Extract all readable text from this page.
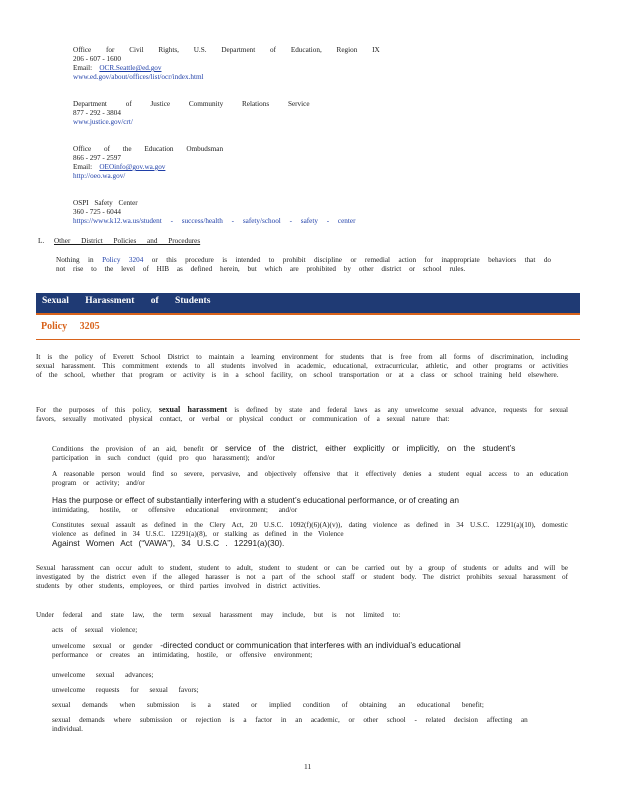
Office for Civil Rights, U.S. Department of Education, Region IX
206 - 607 - 1600
Email: OCR.Seattle@ed.gov
www.ed.gov/about/offices/list/ocr/index.html
Department of Justice Community Relations Service
877 - 292 - 3804
www.justice.gov/crt/
Office of the Education Ombudsman
866 - 297 - 2597
Email: OEOinfo@gov.wa.gov
http://oeo.wa.gov/
OSPI Safety Center
360 - 725 - 6044
https://www.k12.wa.us/student - success/health - safety/school - safety - center
L. Other District Policies and Procedures
Nothing in Policy 3204 or this procedure is intended to prohibit discipline or remedial action for inappropriate behaviors that do not rise to the level of HIB as defined herein, but which are prohibited by other district or school rules.
Sexual Harassment of Students
Policy 3205
It is the policy of Everett School District to maintain a learning environment for students that is free from all forms of discrimination, including sexual harassment. This commitment extends to all students involved in academic, educational, extracurricular, athletic, and other programs or activities of the school, whether that program or activity is in a school facility, on school transportation or at a class or school training held elsewhere.
For the purposes of this policy, sexual harassment is defined by state and federal laws as any unwelcome sexual advance, requests for sexual favors, sexually motivated physical contact, or verbal or physical conduct or communication of a sexual nature that:
Conditions the provision of an aid, benefit or service of the district, either explicitly or implicitly, on the student’s
participation in such conduct (quid pro quo harassment); and/or
A reasonable person would find so severe, pervasive, and objectively offensive that it effectively denies a student equal access to an education program or activity; and/or
Has the purpose or effect of substantially interfering with a student’s educational performance, or of creating an
intimidating, hostile, or offensive educational environment; and/or
Constitutes sexual assault as defined in the Clery Act, 20 U.S.C. 1092(f)(6)(A)(v)), dating violence as defined in 34 U.S.C. 12291(a)(10), domestic violence as defined in 34 U.S.C. 12291(a)(8), or stalking as defined in the Violence
Against Women Act (“VAWA”), 34 U.S.C . 12291(a)(30).
Sexual harassment can occur adult to student, student to adult, student to student or can be carried out by a group of students or adults and will be investigated by the district even if the alleged harasser is not a part of the school staff or student body. The district prohibits sexual harassment of students by other students, employees, or third parties involved in district activities.
Under federal and state law, the term sexual harassment may include, but is not limited to:
acts of sexual violence;
unwelcome sexual or gender -directed conduct or communication that interferes with an individual’s educational
performance or creates an intimidating, hostile, or offensive environment;
unwelcome sexual advances;
unwelcome requests for sexual favors;
sexual demands when submission is a stated or implied condition of obtaining an educational benefit;
sexual demands where submission or rejection is a factor in an academic, or other school - related decision affecting an
individual.
11
